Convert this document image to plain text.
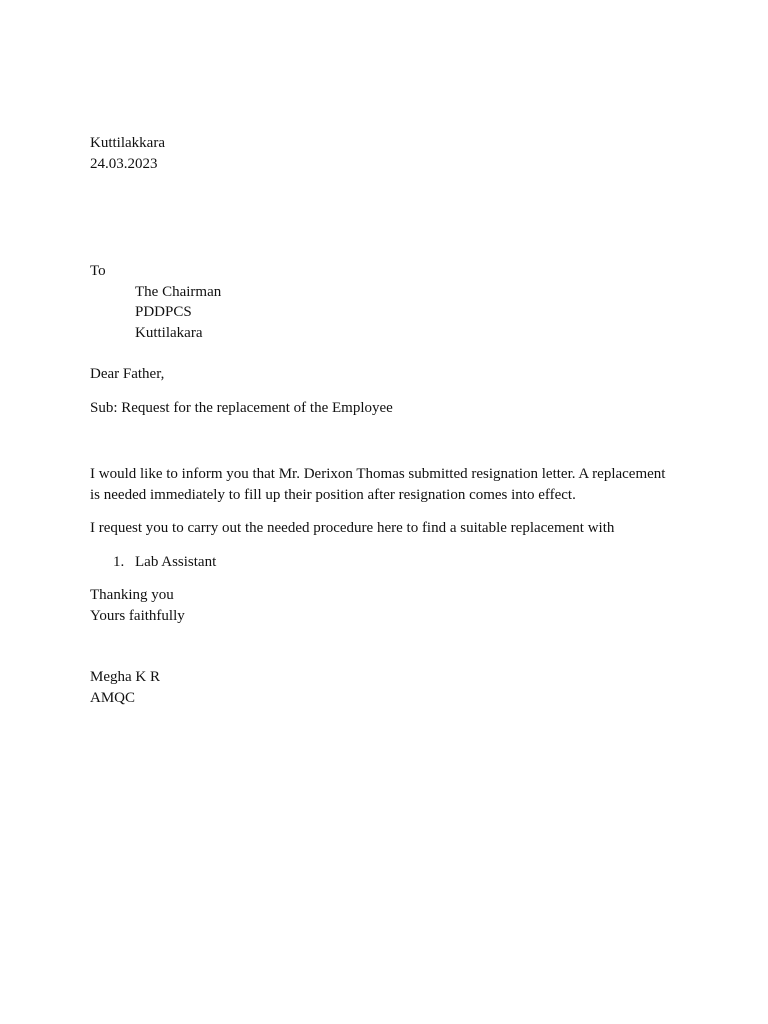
Kuttilakkara
24.03.2023
To
The Chairman
PDDPCS
Kuttilakara
Dear Father,
Sub: Request for the replacement of the Employee
I would like to inform you that Mr. Derixon Thomas submitted resignation letter. A replacement
is needed immediately to fill up their position after resignation comes into effect.
I request you to carry out the needed procedure here to find a suitable replacement with
1. Lab Assistant
Thanking you
Yours faithfully
Megha K R
AMQC
